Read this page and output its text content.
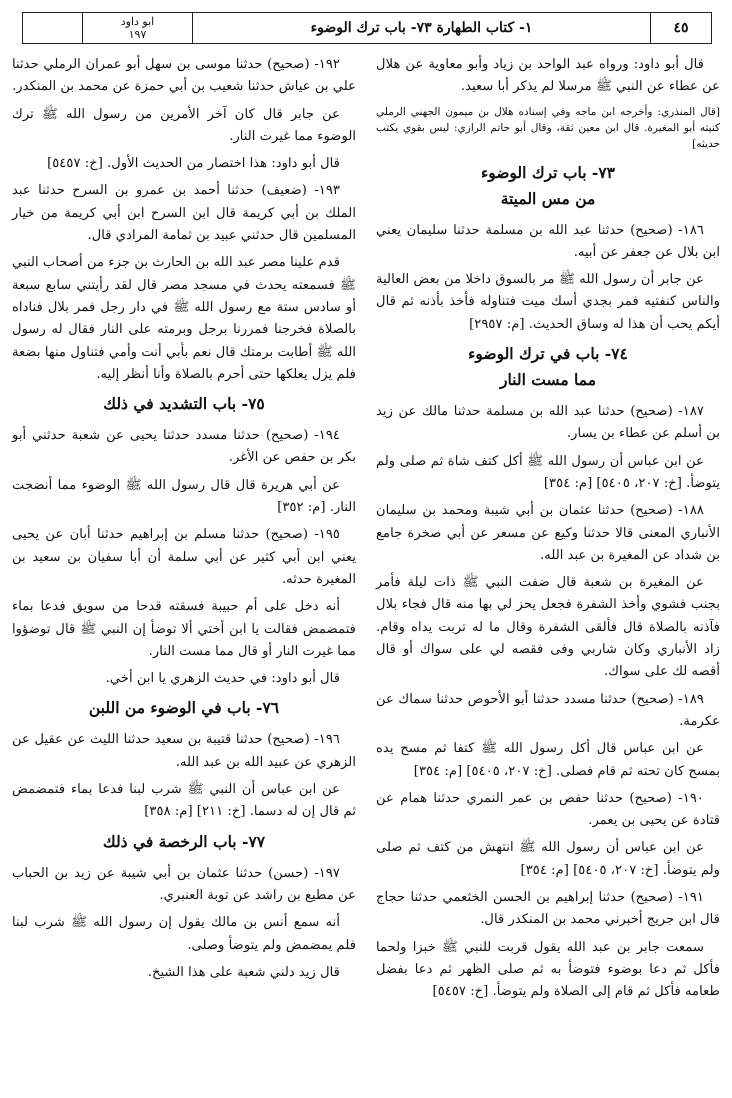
ابو داود
١٩٧	١- كتاب الطهارة ٧٣- باب ترك الوضوء	٤٥

قال أبو داود: ورواه عبد الواحد بن زياد وأبو معاوية عن هلال عن عطاء عن النبي ﷺ مرسلا لم يذكر أبا سعيد.

[قال المنذري: وأخرجه ابن ماجه وفي إسناده هلال بن ميمون الجهني الرملي كنيته أبو المغيرة. قال ابن معين ثقة، وقال أبو حاتم الرازي: ليس بقوي يكتب حديثه]

٧٣- باب ترك الوضوء
من مس الميتة

١٨٦- (صحيح) حدثنا عبد الله بن مسلمة حدثنا سليمان يعني ابن بلال عن جعفر عن أبيه.

عن جابر أن رسول الله ﷺ مر بالسوق داخلا من بعض العالية والناس كنفتيه فمر بجدي أسك ميت فتناوله فأخذ بأذنه ثم قال أيكم يحب أن هذا له وساق الحديث. [م: ٢٩٥٧]

٧٤- باب في ترك الوضوء
مما مست النار

١٨٧- (صحيح) حدثنا عبد الله بن مسلمة حدثنا مالك عن زيد بن أسلم عن عطاء بن يسار.

عن ابن عباس أن رسول الله ﷺ أكل كتف شاة ثم صلى ولم يتوضأ. [خ: ٢٠٧، ٥٤٠٥] [م: ٣٥٤]

١٨٨- (صحيح) حدثنا عثمان بن أبي شيبة ومحمد بن سليمان الأنباري المعنى قالا حدثنا وكيع عن مسعر عن أبي صخرة جامع بن شداد عن المغيرة بن عبد الله.

عن المغيرة بن شعبة قال ضفت النبي ﷺ ذات ليلة فأمر بجنب فشوي وأخذ الشفرة فجعل يحز لي بها منه قال فجاء بلال فآذنه بالصلاة قال فألقى الشفرة وقال ما له تربت يداه وقام. زاد الأنباري وكان شاربي وفى فقصه لي على سواك أو قال أقصه لك على سواك.

١٨٩- (صحيح) حدثنا مسدد حدثنا أبو الأحوص حدثنا سماك عن عكرمة.

عن ابن عباس قال أكل رسول الله ﷺ كتفا ثم مسح يده بمسح كان تحته ثم قام فصلى. [خ: ٢٠٧، ٥٤٠٥] [م: ٣٥٤]

١٩٠- (صحيح) حدثنا حفص بن عمر النمري حدثنا همام عن قتادة عن يحيى بن يعمر.

عن ابن عباس أن رسول الله ﷺ انتهش من كتف ثم صلى ولم يتوضأ. [خ: ٢٠٧، ٥٤٠٥] [م: ٣٥٤]

١٩١- (صحيح) حدثنا إبراهيم بن الحسن الخثعمي حدثنا حجاج قال ابن جريج أخبرني محمد بن المنكدر قال.

سمعت جابر بن عبد الله يقول قربت للنبي ﷺ خبزا ولحما فأكل ثم دعا بوضوء فتوضأ به ثم صلى الظهر ثم دعا بفضل طعامه فأكل ثم قام إلى الصلاة ولم يتوضأ. [خ: ٥٤٥٧]

١٩٢- (صحيح) حدثنا موسى بن سهل أبو عمران الرملي حدثنا علي بن عياش حدثنا شعيب بن أبي حمزة عن محمد بن المنكدر.

عن جابر قال كان آخر الأمرين من رسول الله ﷺ ترك الوضوء مما غيرت النار.

قال أبو داود: هذا اختصار من الحديث الأول. [خ: ٥٤٥٧]

١٩٣- (ضعيف) حدثنا أحمد بن عمرو بن السرح حدثنا عبد الملك بن أبي كريمة قال ابن السرح ابن أبي كريمة من خيار المسلمين قال حدثني عبيد بن ثمامة المرادي قال.

قدم علينا مصر عبد الله بن الحارث بن جزء من أصحاب النبي ﷺ فسمعته يحدث في مسجد مصر قال لقد رأيتني سابع سبعة أو سادس ستة مع رسول الله ﷺ في دار رجل فمر بلال فناداه بالصلاة فخرجنا فمررنا برجل وبرمته على النار فقال له رسول الله ﷺ أطابت برمتك قال نعم بأبي أنت وأمي فتناول منها بضعة فلم يزل يعلكها حتى أحرم بالصلاة وأنا أنظر إليه.

٧٥- باب التشديد في ذلك

١٩٤- (صحيح) حدثنا مسدد حدثنا يحيى عن شعبة حدثني أبو بكر بن حفص عن الأغر.

عن أبي هريرة قال قال رسول الله ﷺ الوضوء مما أنضجت النار. [م: ٣٥٢]

١٩٥- (صحيح) حدثنا مسلم بن إبراهيم حدثنا أبان عن يحيى يعني ابن أبي كثير عن أبي سلمة أن أبا سفيان بن سعيد بن المغيرة حدثه.

أنه دخل على أم حبيبة فسقته قدحا من سويق فدعا بماء فتمضمض فقالت يا ابن أختي ألا توضأ إن النبي ﷺ قال توضؤوا مما غيرت النار أو قال مما مست النار.

قال أبو داود: في حديث الزهري يا ابن أخي.

٧٦- باب في الوضوء من اللبن

١٩٦- (صحيح) حدثنا قتيبة بن سعيد حدثنا الليث عن عقيل عن الزهري عن عبيد الله بن عبد الله.

عن ابن عباس أن النبي ﷺ شرب لبنا فدعا بماء فتمضمض ثم قال إن له دسما. [خ: ٢١١] [م: ٣٥٨]

٧٧- باب الرخصة في ذلك

١٩٧- (حسن) حدثنا عثمان بن أبي شيبة عن زيد بن الحباب عن مطيع بن راشد عن توبة العنبري.

أنه سمع أنس بن مالك يقول إن رسول الله ﷺ شرب لبنا فلم يمضمض ولم يتوضأ وصلى.

قال زيد دلني شعبة على هذا الشيخ.
